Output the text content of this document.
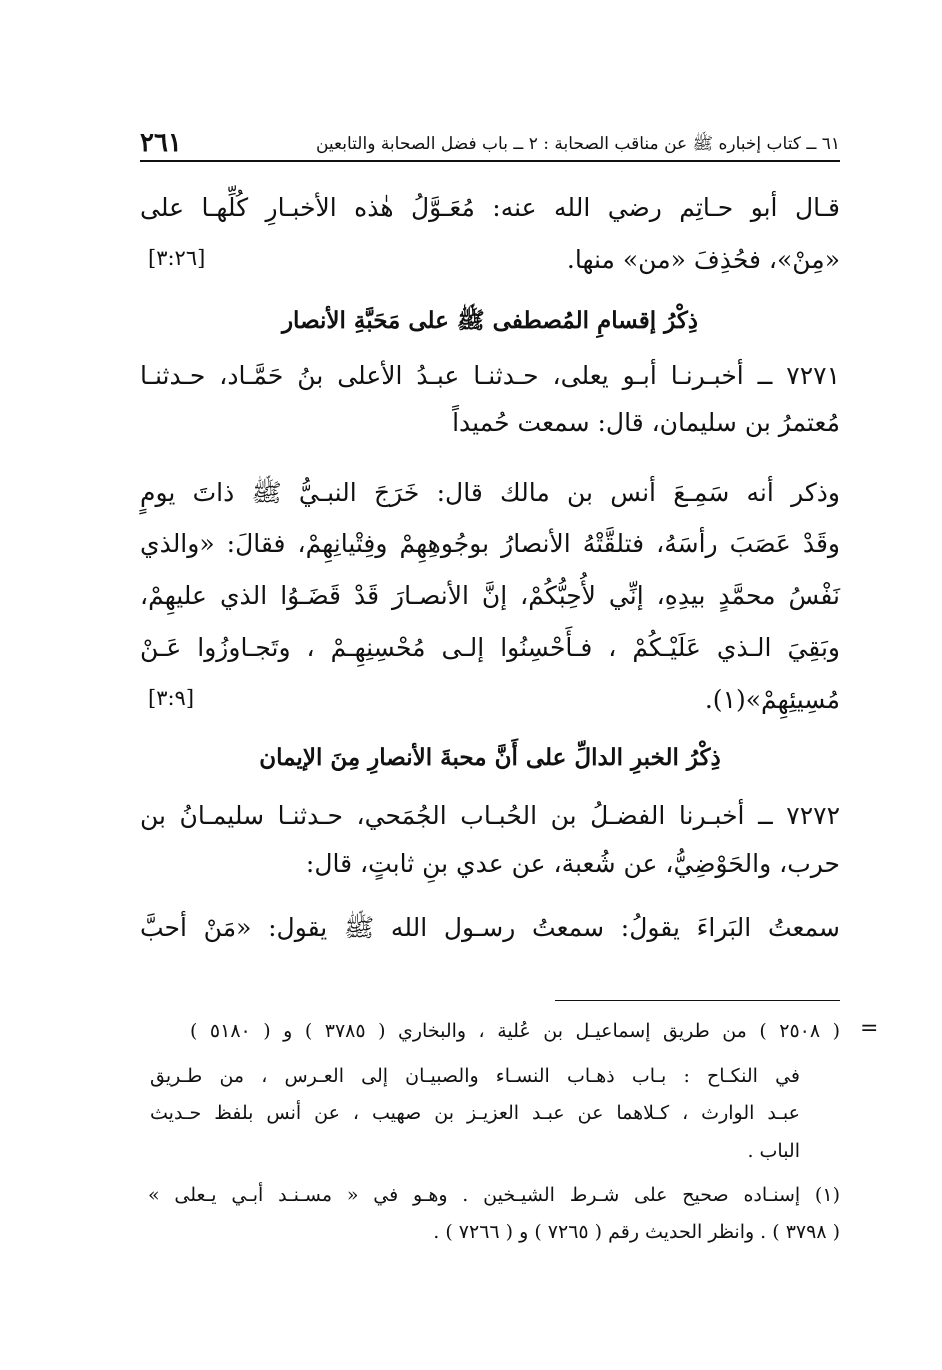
٢٦١	٦١ ــ كتاب إخباره ﷺ عن مناقب الصحابة : ٢ ــ باب فضل الصحابة والتابعين
قـال أبو حـاتِم رضي الله عنه: مُعَـوَّلُ هٰذه الأخبـارِ كُلِّهـا على
«مِنْ»، فحُذِفَ «من» منها.
[٣:٢٦]
ذِكْرُ إقسامِ المُصطفى ﷺ على مَحَبَّةِ الأنصار
٧٢٧١ ــ أخبـرنـا أبـو يعلى، حـدثنـا عبـدُ الأعلى بنُ حَمَّـاد، حـدثنـا
مُعتمرُ بن سليمان، قال: سمعت حُميداً
وذكر أنه سَمِـعَ أنس بن مالك قال: خَرَجَ النبـيُّ ﷺ ذاتَ يومٍ
وقَدْ عَصَبَ رأسَهُ، فتلقَّتْهُ الأنصارُ بوجُوهِهِمْ وفِتْيانِهِمْ، فقالَ: «والذي
نَفْسُ محمَّدٍ بيدِهِ، إنِّي لأُحِبُّكُمْ، إنَّ الأنصـارَ قَدْ قَضَـوُا الذي عليهِمْ،
وبَقِيَ الـذي عَلَيْـكُمْ ، فـأَحْسِنُوا إلـى مُحْسِنِهِـمْ ، وتَجـاوزُوا عَـنْ
مُسِيئِهِمْ»(١).
[٣:٩]
ذِكْرُ الخبرِ الدالِّ على أَنَّ محبةَ الأنصارِ مِنَ الإيمان
٧٢٧٢ ــ أخبـرنا الفضـلُ بن الحُبـاب الجُمَحي، حـدثنـا سليمـانُ بن
حرب، والحَوْضِيُّ، عن شُعبة، عن عدي بنِ ثابتٍ، قال:
سمعتُ البَراءَ يقولُ: سمعتُ رسـول الله ﷺ يقول: «مَنْ أحبَّ
=
( ٢٥٠٨ ) من طريق إسماعيـل بن عُلية ، والبخاري ( ٣٧٨٥ ) و ( ٥١٨٠ )
في النكـاح : بـاب ذهـاب النسـاء والصبيـان إلى العـرس ، من طـريق
عبـد الوارث ، كـلاهما عن عبـد العزيـز بن صهيب ، عن أنس بلفظ حـديث
الباب .
(١) إسنـاده صحيح على شـرط الشيـخين . وهـو في « مسـنـد أبـي يـعلى »
( ٣٧٩٨ ) . وانظر الحديث رقم ( ٧٢٦٥ ) و ( ٧٢٦٦ ) .
